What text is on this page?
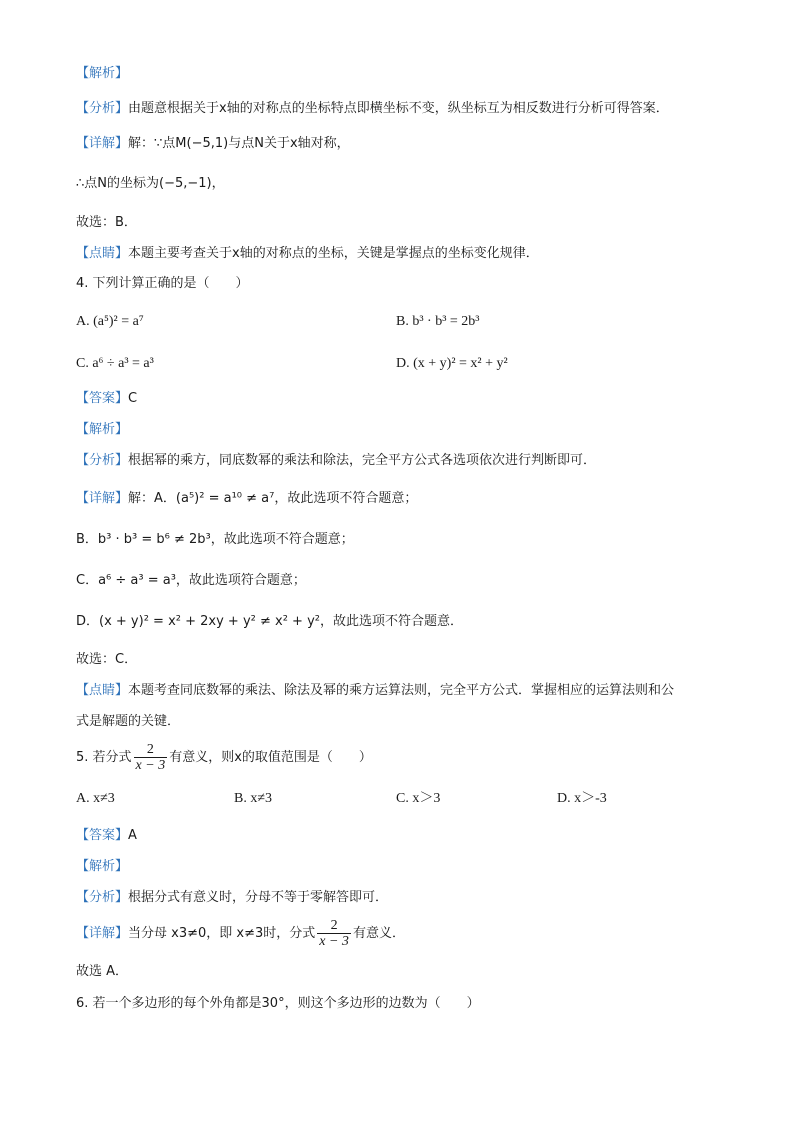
【解析】
【分析】由题意根据关于x轴的对称点的坐标特点即横坐标不变，纵坐标互为相反数进行分析可得答案．
【详解】解：∵点M(−5,1)与点N关于x轴对称，
∴点N的坐标为(−5,−1)，
故选：B．
【点睛】本题主要考查关于x轴的对称点的坐标，关键是掌握点的坐标变化规律．
4. 下列计算正确的是（　　）
A. (a⁵)² = a⁷	B. b³ · b³ = 2b³
C. a⁶ ÷ a³ = a³	D. (x + y)² = x² + y²
【答案】C
【解析】
【分析】根据幂的乘方，同底数幂的乘法和除法，完全平方公式各选项依次进行判断即可．
【详解】解：A．(a⁵)² = a¹⁰ ≠ a⁷，故此选项不符合题意；
B．b³ · b³ = b⁶ ≠ 2b³，故此选项不符合题意；
C．a⁶ ÷ a³ = a³，故此选项符合题意；
D．(x + y)² = x² + 2xy + y² ≠ x² + y²，故此选项不符合题意．
故选：C．
【点睛】本题考查同底数幂的乘法、除法及幂的乘方运算法则，完全平方公式．掌握相应的运算法则和公
式是解题的关键．
5. 若分式 $\frac{2}{x - 3}$ 有意义，则x的取值范围是（　　）
A. x≠3	B. x≠3	C. x＞3	D. x＞-3
【答案】A
【解析】
【分析】根据分式有意义时，分母不等于零解答即可．
【详解】当分母 x3≠0，即 x≠3时，分式 $\frac{2}{x - 3}$ 有意义．
故选 A．
6. 若一个多边形的每个外角都是30°，则这个多边形的边数为（　　）
